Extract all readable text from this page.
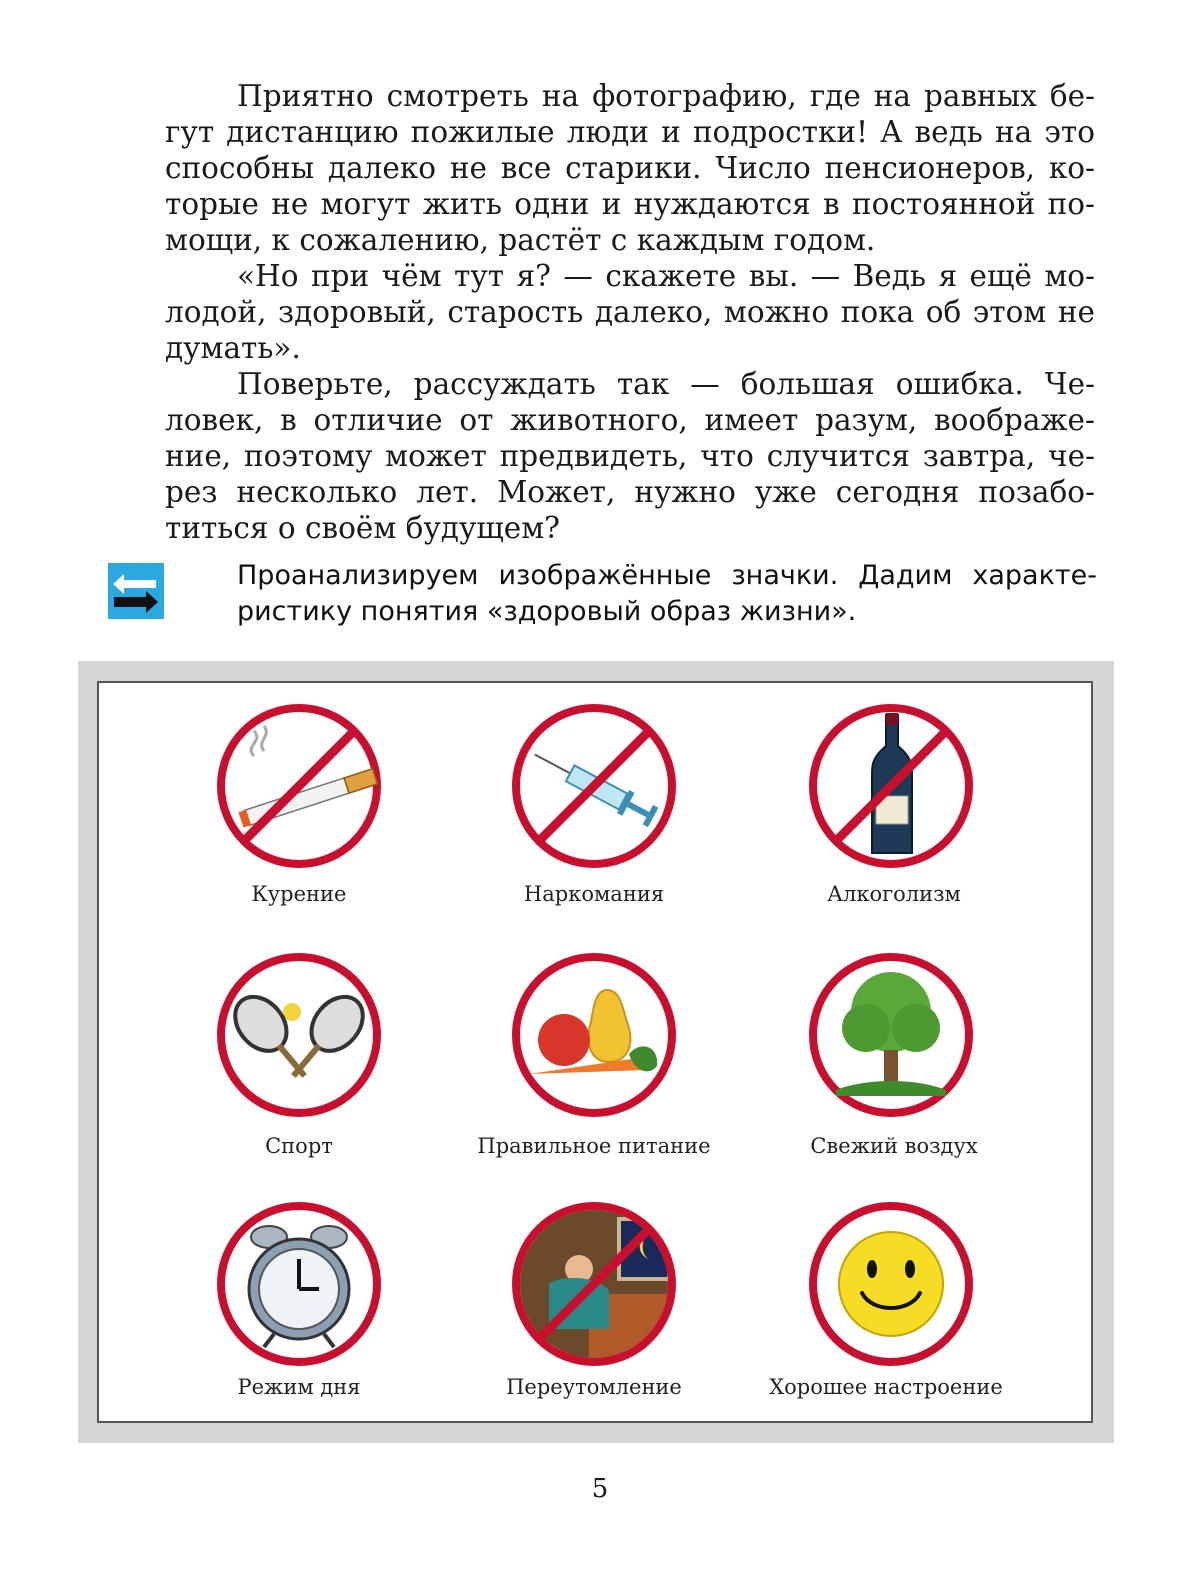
Приятно смотреть на фотографию, где на равных бе-
гут дистанцию пожилые люди и подростки! А ведь на это
способны далеко не все старики. Число пенсионеров, ко-
торые не могут жить одни и нуждаются в постоянной по-
мощи, к сожалению, растёт с каждым годом.
«Но при чём тут я? — скажете вы. — Ведь я ещё мо-
лодой, здоровый, старость далеко, можно пока об этом не
думать».
Поверьте, рассуждать так — большая ошибка. Че-
ловек, в отличие от животного, имеет разум, воображе-
ние, поэтому может предвидеть, что случится завтра, че-
рез несколько лет. Может, нужно уже сегодня позабо-
титься о своём будущем?
Проанализируем изображённые значки. Дадим характе-
ристику понятия «здоровый образ жизни».
Курение	Наркомания	Алкоголизм
Спорт	Правильное питание	Свежий воздух
Режим дня	Переутомление	Хорошее настроение
5
